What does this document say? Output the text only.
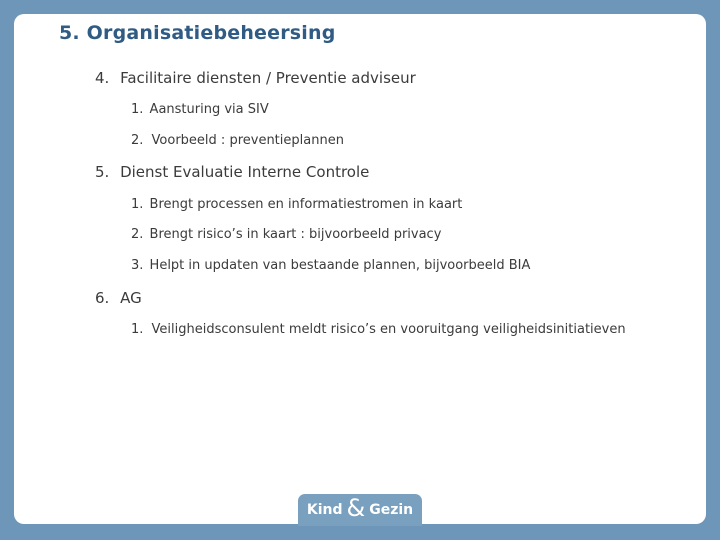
5. Organisatiebeheersing
4. Facilitaire diensten / Preventie adviseur
1. Aansturing via SIV
2. Voorbeeld : preventieplannen
5. Dienst Evaluatie Interne Controle
1. Brengt processen en informatiestromen in kaart
2. Brengt risico’s in kaart : bijvoorbeeld privacy
3. Helpt in updaten van bestaande plannen, bijvoorbeeld BIA
6. AG
1. Veiligheidsconsulent meldt risico’s en vooruitgang veiligheidsinitiatieven
Kind & Gezin
